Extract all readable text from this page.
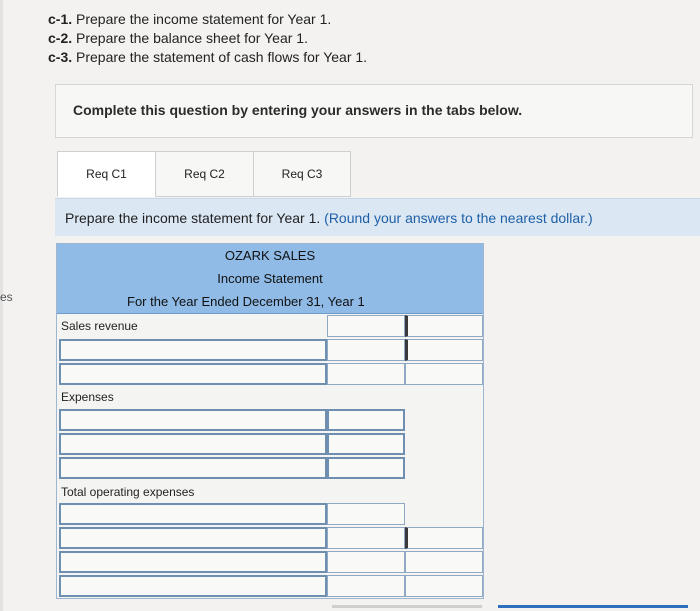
es
c-1. Prepare the income statement for Year 1.
c-2. Prepare the balance sheet for Year 1.
c-3. Prepare the statement of cash flows for Year 1.
Complete this question by entering your answers in the tabs below.
Req C1	Req C2	Req C3
Prepare the income statement for Year 1. (Round your answers to the nearest dollar.)
OZARK SALES
Income Statement
For the Year Ended December 31, Year 1
Sales revenue
Expenses
Total operating expenses
